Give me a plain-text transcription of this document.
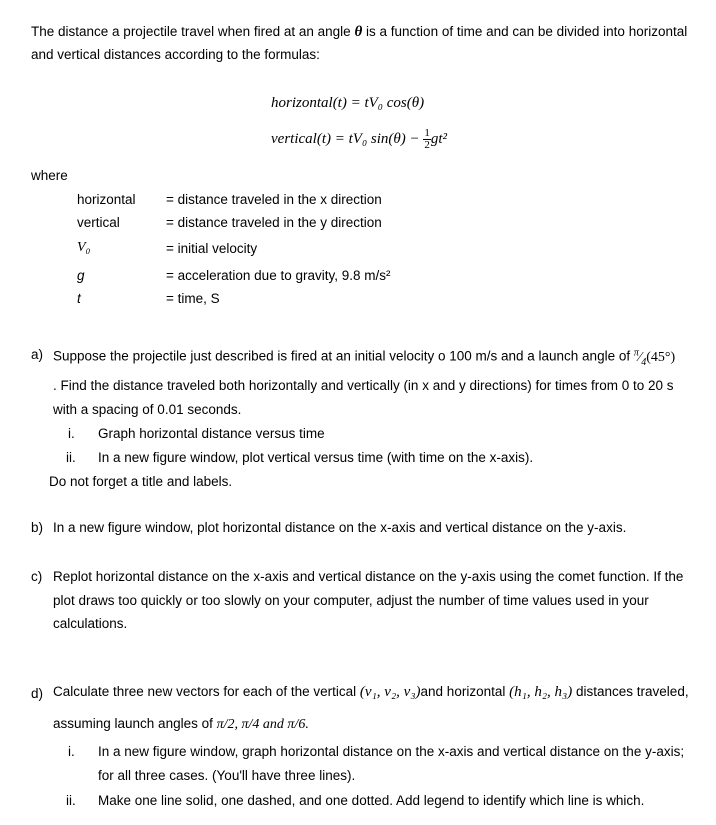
The distance a projectile travel when fired at an angle θ is a function of time and can be divided into horizontal
and vertical distances according to the formulas:
horizontal(t) = tV₀ cos(θ)
vertical(t) = tV₀ $\sin(\theta) - \frac{1}{2} gt^2$
where
horizontal = distance traveled in the x direction
vertical	= distance traveled in the y direction
V₀	= initial velocity
g	= acceleration due to gravity, 9.8 m/s²
t	= time, S
a) Suppose the projectile just described is fired at an initial velocity o 100 m/s and a launch angle of $^\pi⁄_4(45^\circ)$
. Find the distance traveled both horizontally and vertically (in x and y directions) for times from 0 to 20 s
with a spacing of 0.01 seconds.
i. Graph horizontal distance versus time
ii. In a new figure window, plot vertical versus time (with time on the x-axis).
Do not forget a title and labels.
b) In a new figure window, plot horizontal distance on the x-axis and vertical distance on the y-axis.
c) Replot horizontal distance on the x-axis and vertical distance on the y-axis using the comet function. If the
plot draws too quickly or too slowly on your computer, adjust the number of time values used in your
calculations.
d) Calculate three new vectors for each of the vertical (v₁, v₂, v₃)and horizontal (h₁, h₂, h₃) distances traveled,
assuming launch angles of π/2, π/4 and π/6.
i. In a new figure window, graph horizontal distance on the x-axis and vertical distance on the y-axis;
for all three cases. (You'll have three lines).
ii. Make one line solid, one dashed, and one dotted. Add legend to identify which line is which.
